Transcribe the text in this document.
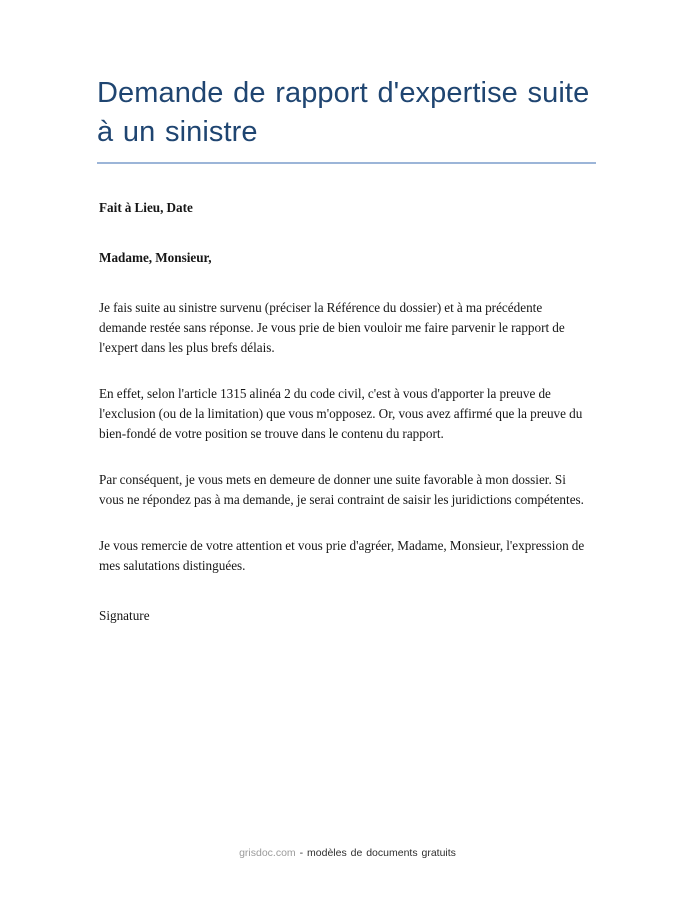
Demande de rapport d'expertise suite à un sinistre

Fait à Lieu, Date

Madame, Monsieur,

Je fais suite au sinistre survenu (préciser la Référence du dossier) et à ma précédente demande restée sans réponse. Je vous prie de bien vouloir me faire parvenir le rapport de l'expert dans les plus brefs délais.

En effet, selon l'article 1315 alinéa 2 du code civil, c'est à vous d'apporter la preuve de l'exclusion (ou de la limitation) que vous m'opposez. Or, vous avez affirmé que la preuve du bien-fondé de votre position se trouve dans le contenu du rapport.

Par conséquent, je vous mets en demeure de donner une suite favorable à mon dossier. Si vous ne répondez pas à ma demande, je serai contraint de saisir les juridictions compétentes.

Je vous remercie de votre attention et vous prie d'agréer, Madame, Monsieur, l'expression de mes salutations distinguées.

Signature

grisdoc.com - modèles de documents gratuits
